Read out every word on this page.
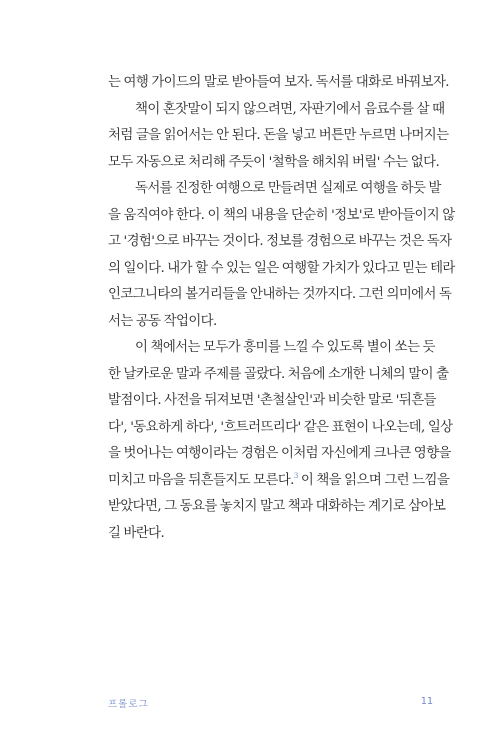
는 여행 가이드의 말로 받아들여 보자. 독서를 대화로 바꿔보자.
책이 혼잣말이 되지 않으려면, 자판기에서 음료수를 살 때
처럼 글을 읽어서는 안 된다. 돈을 넣고 버튼만 누르면 나머지는
모두 자동으로 처리해 주듯이 '철학을 해치워 버릴' 수는 없다.
독서를 진정한 여행으로 만들려면 실제로 여행을 하듯 발
을 움직여야 한다. 이 책의 내용을 단순히 '정보'로 받아들이지 않
고 '경험'으로 바꾸는 것이다. 정보를 경험으로 바꾸는 것은 독자
의 일이다. 내가 할 수 있는 일은 여행할 가치가 있다고 믿는 테라
인코그니타의 볼거리들을 안내하는 것까지다. 그런 의미에서 독
서는 공동 작업이다.
이 책에서는 모두가 흥미를 느낄 수 있도록 별이 쏘는 듯
한 날카로운 말과 주제를 골랐다. 처음에 소개한 니체의 말이 출
발점이다. 사전을 뒤져보면 '촌철살인'과 비슷한 말로 '뒤흔들
다', '동요하게 하다', '흐트러뜨리다' 같은 표현이 나오는데, 일상
을 벗어나는 여행이라는 경험은 이처럼 자신에게 크나큰 영향을
미치고 마음을 뒤흔들지도 모른다.$^3$ 이 책을 읽으며 그런 느낌을
받았다면, 그 동요를 놓치지 말고 책과 대화하는 계기로 삼아보
길 바란다.
프롤로그	11
